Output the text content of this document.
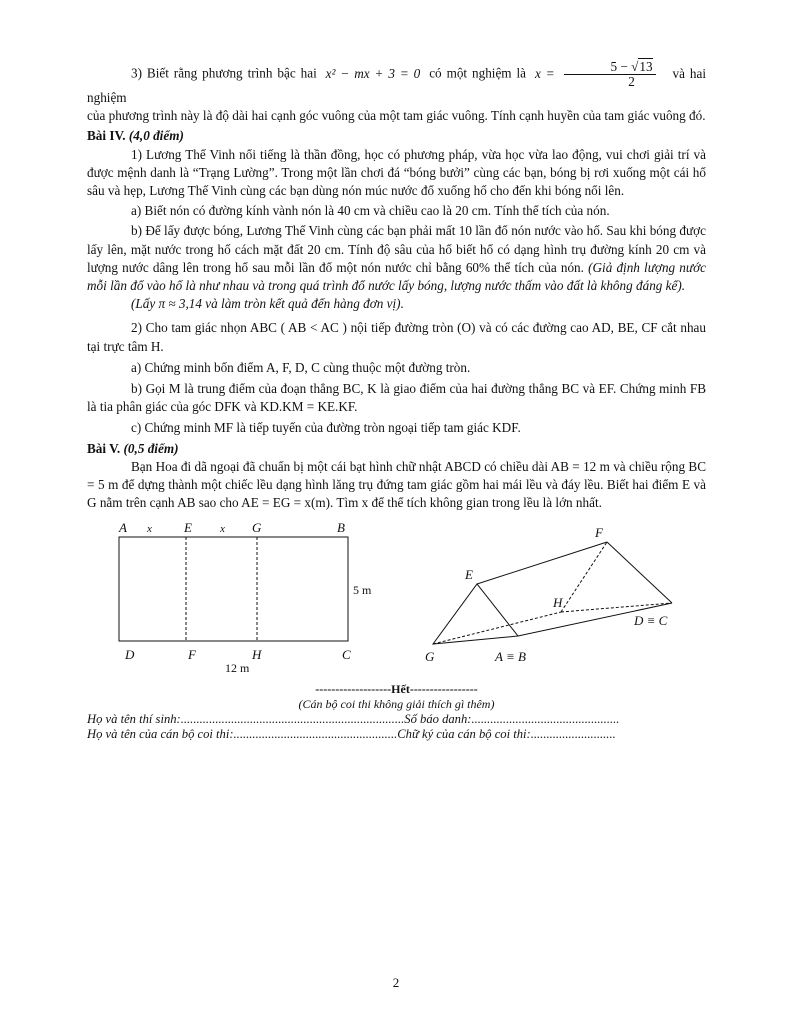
3) Biết rằng phương trình bậc hai x² − mx + 3 = 0 có một nghiệm là $x = \frac{5 - √13}{2}$ và hai nghiệm

của phương trình này là độ dài hai cạnh góc vuông của một tam giác vuông. Tính cạnh huyền của tam giác vuông đó.

Bài IV. (4,0 điểm)

1) Lương Thế Vinh nổi tiếng là thần đồng, học có phương pháp, vừa học vừa lao động, vui chơi giải trí và được mệnh danh là “Trạng Lường”. Trong một lần chơi đá “bóng bưởi” cùng các bạn, bóng bị rơi xuống một cái hố sâu và hẹp, Lương Thế Vinh cùng các bạn dùng nón múc nước đổ xuống hố cho đến khi bóng nổi lên.

a) Biết nón có đường kính vành nón là 40 cm và chiều cao là 20 cm. Tính thể tích của nón.

b) Để lấy được bóng, Lương Thế Vinh cùng các bạn phải mất 10 lần đổ nón nước vào hố. Sau khi bóng được lấy lên, mặt nước trong hố cách mặt đất 20 cm. Tính độ sâu của hố biết hố có dạng hình trụ đường kính 20 cm và lượng nước dâng lên trong hố sau mỗi lần đổ một nón nước chỉ bằng 60% thể tích của nón. (Giả định lượng nước mỗi lần đổ vào hố là như nhau và trong quá trình đổ nước lấy bóng, lượng nước thấm vào đất là không đáng kể).

(Lấy π ≈ 3,14 và làm tròn kết quả đến hàng đơn vị).

2) Cho tam giác nhọn ABC ( AB < AC ) nội tiếp đường tròn (O) và có các đường cao AD, BE, CF cắt nhau tại trực tâm H.

a) Chứng minh bốn điểm A, F, D, C cùng thuộc một đường tròn.

b) Gọi M là trung điểm của đoạn thẳng BC, K là giao điểm của hai đường thẳng BC và EF. Chứng minh FB là tia phân giác của góc DFK và KD.KM = KE.KF.

c) Chứng minh MF là tiếp tuyến của đường tròn ngoại tiếp tam giác KDF.

Bài V. (0,5 điểm)

Bạn Hoa đi dã ngoại đã chuẩn bị một cái bạt hình chữ nhật ABCD có chiều dài AB = 12 m và chiều rộng BC = 5 m để dựng thành một chiếc lều dạng hình lăng trụ đứng tam giác gồm hai mái lều và đáy lều. Biết hai điểm E và G nằm trên cạnh AB sao cho AE = EG = x(m). Tìm x để thể tích không gian trong lều là lớn nhất.

A x E	x G	B
D	F	H	C
5 m
12 m
E
F
H
D ≡ C
G	A ≡ B
-------------------Hết-----------------
(Cán bộ coi thi không giải thích gì thêm)
Họ và tên thí sinh:.......................................................................Số báo danh:...............................................
Họ và tên của cán bộ coi thi:....................................................Chữ ký của cán bộ coi thi:...........................
2
